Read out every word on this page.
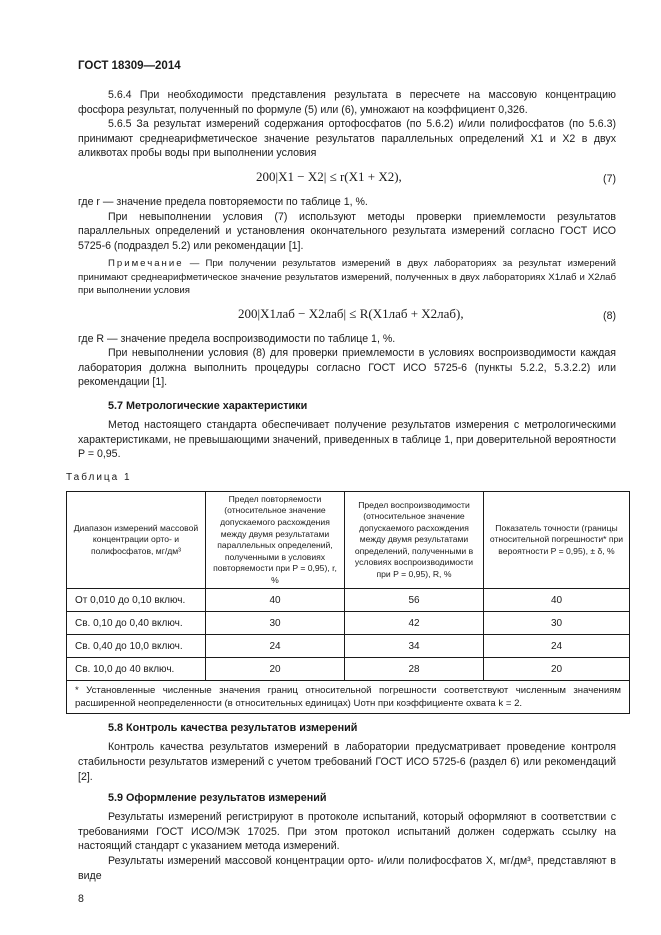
ГОСТ 18309—2014

5.6.4 При необходимости представления результата в пересчете на массовую концентрацию фосфора результат, полученный по формуле (5) или (6), умножают на коэффициент 0,326.

5.6.5 За результат измерений содержания ортофосфатов (по 5.6.2) и/или полифосфатов (по 5.6.3) принимают среднеарифметическое значение результатов параллельных определений X1 и X2 в двух аликвотах пробы воды при выполнении условия

200|X1 − X2| ≤ r(X1 + X2),	(7)

где r — значение предела повторяемости по таблице 1, %.

При невыполнении условия (7) используют методы проверки приемлемости результатов параллельных определений и установления окончательного результата измерений согласно ГОСТ ИСО 5725-6 (подраздел 5.2) или рекомендации [1].

Примечание — При получении результатов измерений в двух лабораториях за результат измерений принимают среднеарифметическое значение результатов измерений, полученных в двух лабораториях X1лаб и X2лаб при выполнении условия

200|X1лаб − X2лаб| ≤ R(X1лаб + X2лаб),	(8)

где R — значение предела воспроизводимости по таблице 1, %.

При невыполнении условия (8) для проверки приемлемости в условиях воспроизводимости каждая лаборатория должна выполнить процедуры согласно ГОСТ ИСО 5725-6 (пункты 5.2.2, 5.3.2.2) или рекомендации [1].

5.7 Метрологические характеристики

Метод настоящего стандарта обеспечивает получение результатов измерения с метрологическими характеристиками, не превышающими значений, приведенных в таблице 1, при доверительной вероятности P = 0,95.

Таблица 1
Диапазон измерений массовой концентрации орто- и полифосфатов, мг/дм³	Предел повторяемости (относительное значение допускаемого расхождения между двумя результатами параллельных определений, полученными в условиях повторяемости при P = 0,95), r, %	Предел воспроизводимости (относительное значение допускаемого расхождения между двумя результатами определений, полученными в условиях воспроизводимости при P = 0,95), R, %	Показатель точности (границы относительной погрешности* при вероятности P = 0,95), ± δ, %
От 0,010 до 0,10 включ.	40	56	40
Св. 0,10 до 0,40 включ.	30	42	30
Св. 0,40 до 10,0 включ.	24	34	24
Св. 10,0 до 40 включ.	20	28	20
* Установленные численные значения границ относительной погрешности соответствуют численным значениям расширенной неопределенности (в относительных единицах) Uотн при коэффициенте охвата k = 2.			
5.8 Контроль качества результатов измерений

Контроль качества результатов измерений в лаборатории предусматривает проведение контроля стабильности результатов измерений с учетом требований ГОСТ ИСО 5725-6 (раздел 6) или рекомендаций [2].

5.9 Оформление результатов измерений

Результаты измерений регистрируют в протоколе испытаний, который оформляют в соответствии с требованиями ГОСТ ИСО/МЭК 17025. При этом протокол испытаний должен содержать ссылку на настоящий стандарт с указанием метода измерений.

Результаты измерений массовой концентрации орто- и/или полифосфатов X, мг/дм³, представляют в виде

8
